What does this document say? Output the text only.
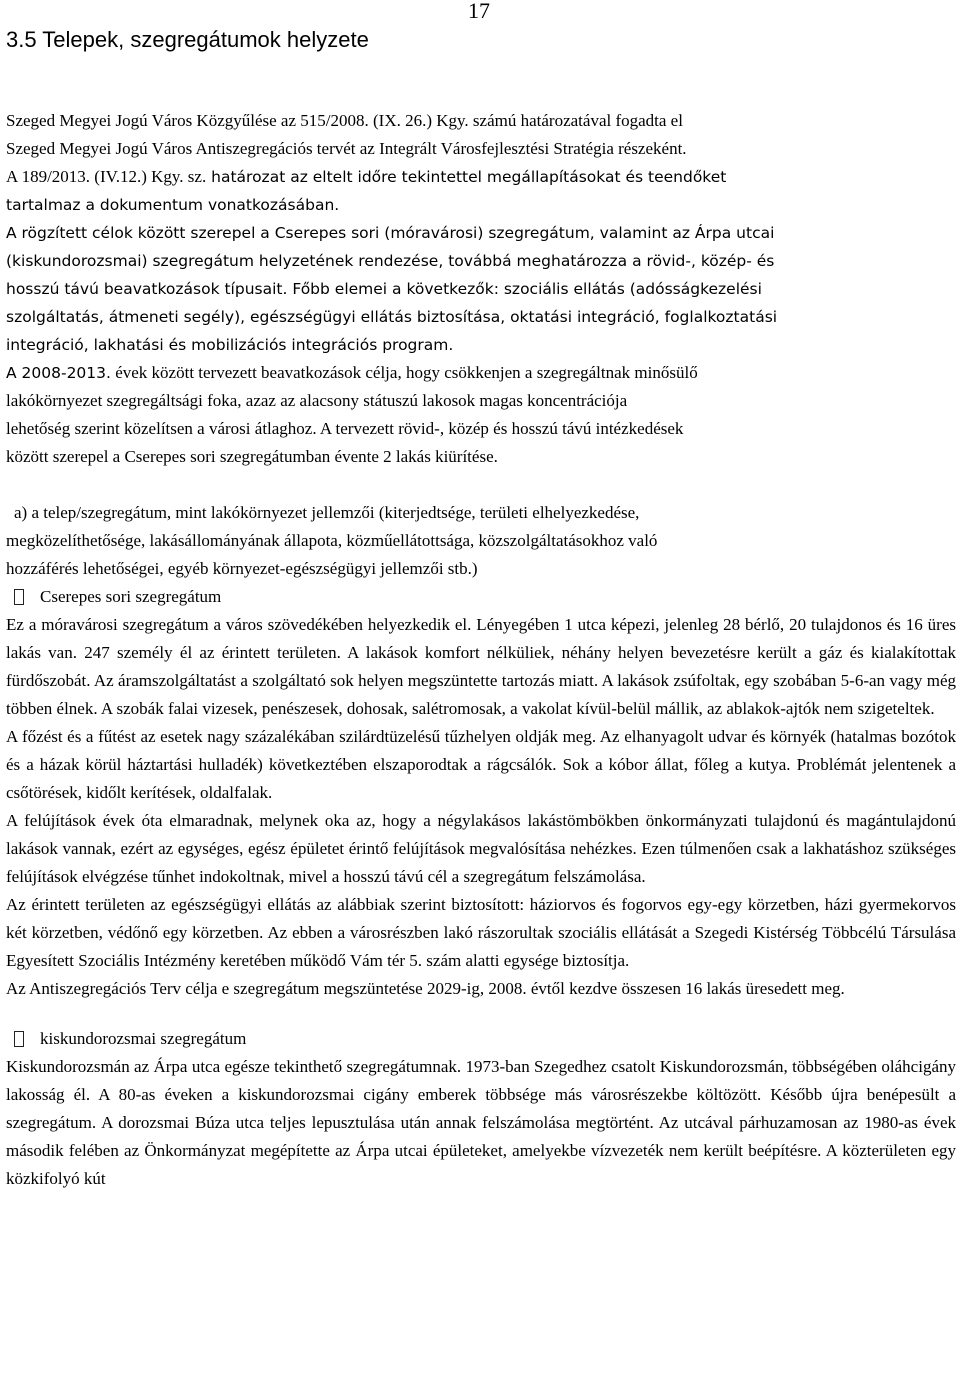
17
3.5 Telepek, szegregátumok helyzete

Szeged Megyei Jogú Város Közgyűlése az 515/2008. (IX. 26.) Kgy. számú határozatával fogadta el
Szeged Megyei Jogú Város Antiszegregációs tervét az Integrált Városfejlesztési Stratégia részeként.
A 189/2013. (IV.12.) Kgy. sz. határozat az eltelt időre tekintettel megállapításokat és teendőket
tartalmaz a dokumentum vonatkozásában.

A rögzített célok között szerepel a Cserepes sori (móravárosi) szegregátum, valamint az Árpa utcai
(kiskundorozsmai) szegregátum helyzetének rendezése, továbbá meghatározza a rövid-, közép- és
hosszú távú beavatkozások típusait. Főbb elemei a következők: szociális ellátás (adósságkezelési
szolgáltatás, átmeneti segély), egészségügyi ellátás biztosítása, oktatási integráció, foglalkoztatási
integráció, lakhatási és mobilizációs integrációs program.

A 2008-2013. évek között tervezett beavatkozások célja, hogy csökkenjen a szegregáltnak minősülő
lakókörnyezet szegregáltsági foka, azaz az alacsony státuszú lakosok magas koncentrációja
lehetőség szerint közelítsen a városi átlaghoz. A tervezett rövid-, közép és hosszú távú intézkedések
között szerepel a Cserepes sori szegregátumban évente 2 lakás kiürítése.

a) a telep/szegregátum, mint lakókörnyezet jellemzői (kiterjedtsége, területi elhelyezkedése,
megközelíthetősége, lakásállományának állapota, közműellátottsága, közszolgáltatásokhoz való
hozzáférés lehetőségei, egyéb környezet-egészségügyi jellemzői stb.)

Cserepes sori szegregátum

Ez a móravárosi szegregátum a város szövedékében helyezkedik el. Lényegében 1 utca képezi, jelenleg 28 bérlő, 20 tulajdonos és 16 üres lakás van. 247 személy él az érintett területen. A lakások komfort nélküliek, néhány helyen bevezetésre került a gáz és kialakítottak fürdőszobát. Az áramszolgáltatást a szolgáltató sok helyen megszüntette tartozás miatt. A lakások zsúfoltak, egy szobában 5-6-an vagy még többen élnek. A szobák falai vizesek, penészesek, dohosak, salétromosak, a vakolat kívül-belül mállik, az ablakok-ajtók nem szigeteltek.

A főzést és a fűtést az esetek nagy százalékában szilárdtüzelésű tűzhelyen oldják meg. Az elhanyagolt udvar és környék (hatalmas bozótok és a házak körül háztartási hulladék) következtében elszaporodtak a rágcsálók. Sok a kóbor állat, főleg a kutya. Problémát jelentenek a csőtörések, kidőlt kerítések, oldalfalak.

A felújítások évek óta elmaradnak, melynek oka az, hogy a négylakásos lakástömbökben önkormányzati tulajdonú és magántulajdonú lakások vannak, ezért az egységes, egész épületet érintő felújítások megvalósítása nehézkes. Ezen túlmenően csak a lakhatáshoz szükséges felújítások elvégzése tűnhet indokoltnak, mivel a hosszú távú cél a szegregátum felszámolása.

Az érintett területen az egészségügyi ellátás az alábbiak szerint biztosított: háziorvos és fogorvos egy-egy körzetben, házi gyermekorvos két körzetben, védőnő egy körzetben. Az ebben a városrészben lakó rászorultak szociális ellátását a Szegedi Kistérség Többcélú Társulása Egyesített Szociális Intézmény keretében működő Vám tér 5. szám alatti egysége biztosítja.

Az Antiszegregációs Terv célja e szegregátum megszüntetése 2029-ig, 2008. évtől kezdve összesen 16 lakás üresedett meg.

kiskundorozsmai szegregátum

Kiskundorozsmán az Árpa utca egésze tekinthető szegregátumnak. 1973-ban Szegedhez csatolt Kiskundorozsmán, többségében oláhcigány lakosság él. A 80-as éveken a kiskundorozsmai cigány emberek többsége más városrészekbe költözött. Később újra benépesült a szegregátum. A dorozsmai Búza utca teljes lepusztulása után annak felszámolása megtörtént. Az utcával párhuzamosan az 1980-as évek második felében az Önkormányzat megépítette az Árpa utcai épületeket, amelyekbe vízvezeték nem került beépítésre. A közterületen egy közkifolyó kút
